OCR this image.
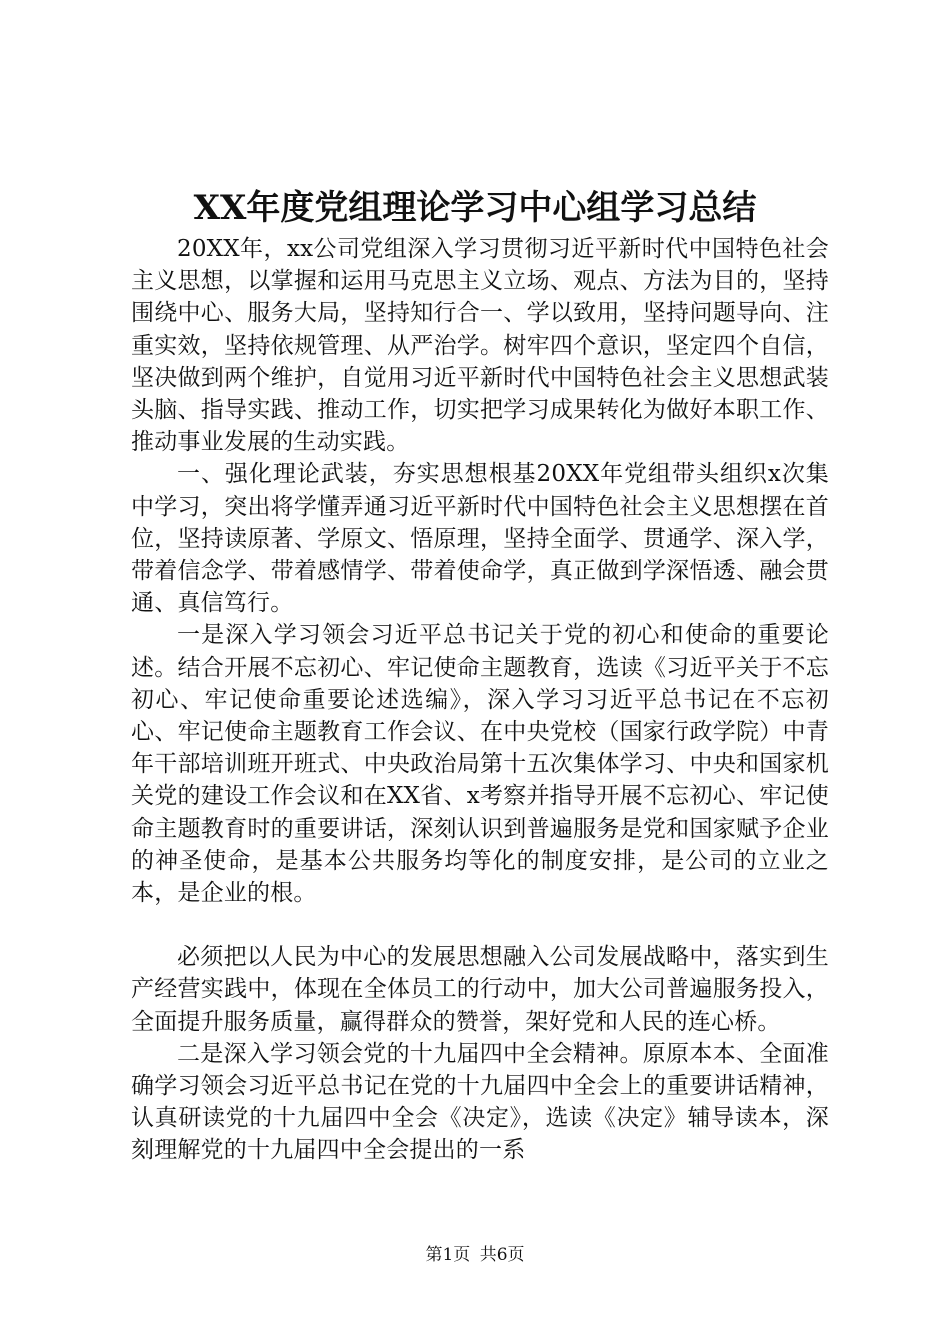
XX年度党组理论学习中心组学习总结

20XX年，xx公司党组深入学习贯彻习近平新时代中国特色社会主义思想，以掌握和运用马克思主义立场、观点、方法为目的，坚持围绕中心、服务大局，坚持知行合一、学以致用，坚持问题导向、注重实效，坚持依规管理、从严治学。树牢四个意识，坚定四个自信，坚决做到两个维护，自觉用习近平新时代中国特色社会主义思想武装头脑、指导实践、推动工作，切实把学习成果转化为做好本职工作、推动事业发展的生动实践。

一、强化理论武装，夯实思想根基20XX年党组带头组织x次集中学习，突出将学懂弄通习近平新时代中国特色社会主义思想摆在首位，坚持读原著、学原文、悟原理，坚持全面学、贯通学、深入学，带着信念学、带着感情学、带着使命学，真正做到学深悟透、融会贯通、真信笃行。

一是深入学习领会习近平总书记关于党的初心和使命的重要论述。结合开展不忘初心、牢记使命主题教育，选读《习近平关于不忘初心、牢记使命重要论述选编》，深入学习习近平总书记在不忘初心、牢记使命主题教育工作会议、在中央党校（国家行政学院）中青年干部培训班开班式、中央政治局第十五次集体学习、中央和国家机关党的建设工作会议和在XX省、x考察并指导开展不忘初心、牢记使命主题教育时的重要讲话，深刻认识到普遍服务是党和国家赋予企业的神圣使命，是基本公共服务均等化的制度安排，是公司的立业之本，是企业的根。

必须把以人民为中心的发展思想融入公司发展战略中，落实到生产经营实践中，体现在全体员工的行动中，加大公司普遍服务投入，全面提升服务质量，赢得群众的赞誉，架好党和人民的连心桥。

二是深入学习领会党的十九届四中全会精神。原原本本、全面准确学习领会习近平总书记在党的十九届四中全会上的重要讲话精神，认真研读党的十九届四中全会《决定》，选读《决定》辅导读本，深刻理解党的十九届四中全会提出的一系

第1页 共6页
